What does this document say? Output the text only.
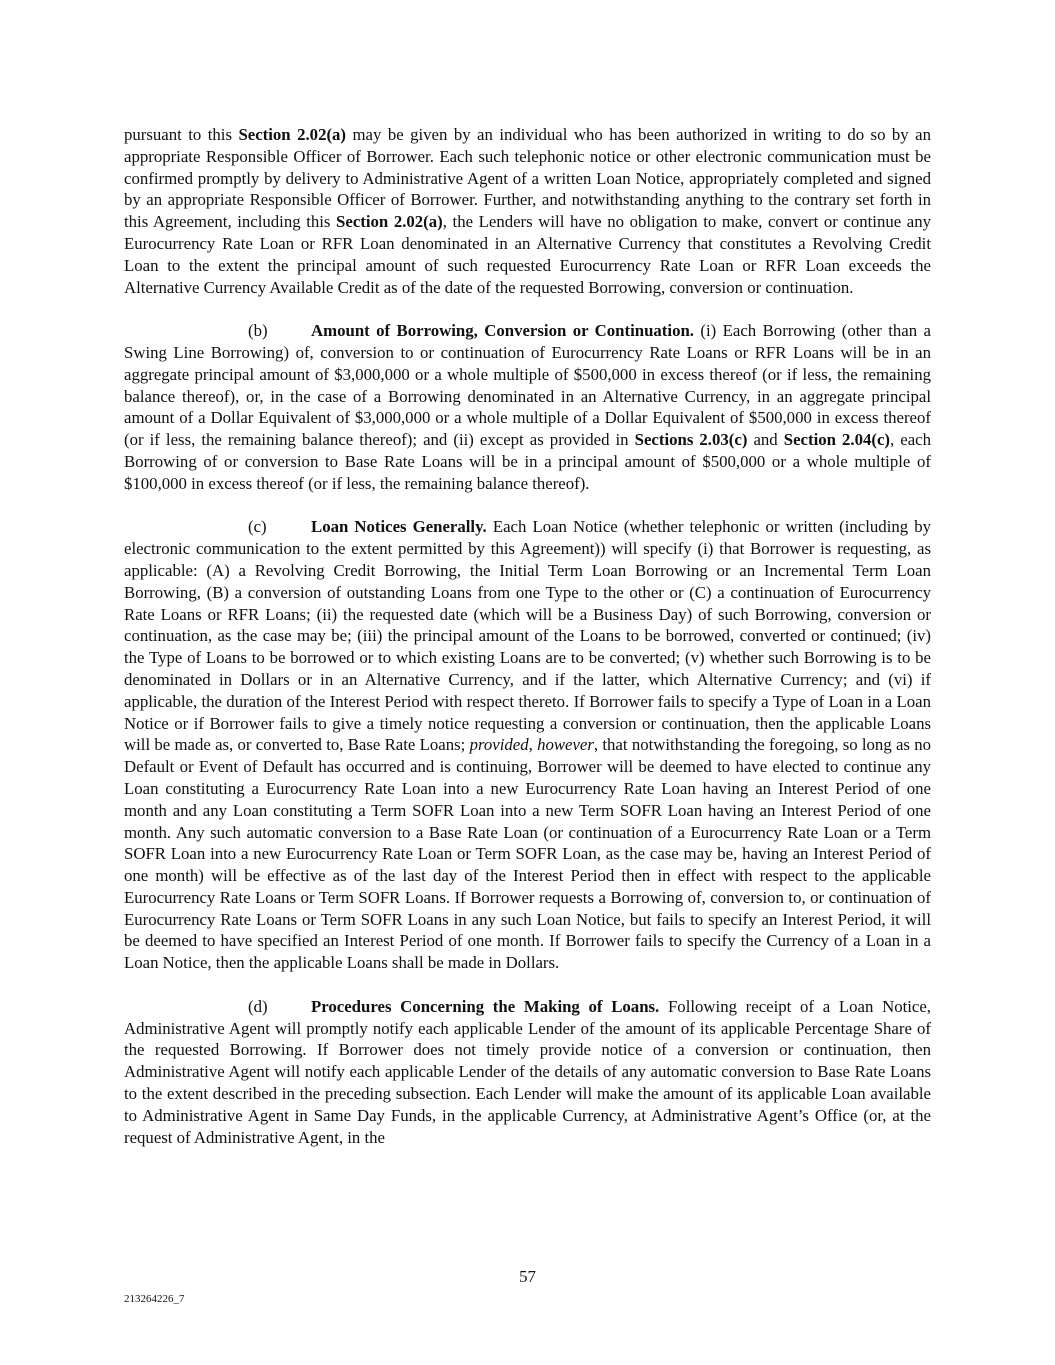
pursuant to this Section 2.02(a) may be given by an individual who has been authorized in writing to do so by an appropriate Responsible Officer of Borrower. Each such telephonic notice or other electronic communication must be confirmed promptly by delivery to Administrative Agent of a written Loan Notice, appropriately completed and signed by an appropriate Responsible Officer of Borrower. Further, and notwithstanding anything to the contrary set forth in this Agreement, including this Section 2.02(a), the Lenders will have no obligation to make, convert or continue any Eurocurrency Rate Loan or RFR Loan denominated in an Alternative Currency that constitutes a Revolving Credit Loan to the extent the principal amount of such requested Eurocurrency Rate Loan or RFR Loan exceeds the Alternative Currency Available Credit as of the date of the requested Borrowing, conversion or continuation.

(b)	Amount of Borrowing, Conversion or Continuation. (i) Each Borrowing (other than a Swing Line Borrowing) of, conversion to or continuation of Eurocurrency Rate Loans or RFR Loans will be in an aggregate principal amount of $3,000,000 or a whole multiple of $500,000 in excess thereof (or if less, the remaining balance thereof), or, in the case of a Borrowing denominated in an Alternative Currency, in an aggregate principal amount of a Dollar Equivalent of $3,000,000 or a whole multiple of a Dollar Equivalent of $500,000 in excess thereof (or if less, the remaining balance thereof); and (ii) except as provided in Sections 2.03(c) and Section 2.04(c), each Borrowing of or conversion to Base Rate Loans will be in a principal amount of $500,000 or a whole multiple of $100,000 in excess thereof (or if less, the remaining balance thereof).

(c)	Loan Notices Generally. Each Loan Notice (whether telephonic or written (including by electronic communication to the extent permitted by this Agreement)) will specify (i) that Borrower is requesting, as applicable: (A) a Revolving Credit Borrowing, the Initial Term Loan Borrowing or an Incremental Term Loan Borrowing, (B) a conversion of outstanding Loans from one Type to the other or (C) a continuation of Eurocurrency Rate Loans or RFR Loans; (ii) the requested date (which will be a Business Day) of such Borrowing, conversion or continuation, as the case may be; (iii) the principal amount of the Loans to be borrowed, converted or continued; (iv) the Type of Loans to be borrowed or to which existing Loans are to be converted; (v) whether such Borrowing is to be denominated in Dollars or in an Alternative Currency, and if the latter, which Alternative Currency; and (vi) if applicable, the duration of the Interest Period with respect thereto. If Borrower fails to specify a Type of Loan in a Loan Notice or if Borrower fails to give a timely notice requesting a conversion or continuation, then the applicable Loans will be made as, or converted to, Base Rate Loans; provided, however, that notwithstanding the foregoing, so long as no Default or Event of Default has occurred and is continuing, Borrower will be deemed to have elected to continue any Loan constituting a Eurocurrency Rate Loan into a new Eurocurrency Rate Loan having an Interest Period of one month and any Loan constituting a Term SOFR Loan into a new Term SOFR Loan having an Interest Period of one month. Any such automatic conversion to a Base Rate Loan (or continuation of a Eurocurrency Rate Loan or a Term SOFR Loan into a new Eurocurrency Rate Loan or Term SOFR Loan, as the case may be, having an Interest Period of one month) will be effective as of the last day of the Interest Period then in effect with respect to the applicable Eurocurrency Rate Loans or Term SOFR Loans. If Borrower requests a Borrowing of, conversion to, or continuation of Eurocurrency Rate Loans or Term SOFR Loans in any such Loan Notice, but fails to specify an Interest Period, it will be deemed to have specified an Interest Period of one month. If Borrower fails to specify the Currency of a Loan in a Loan Notice, then the applicable Loans shall be made in Dollars.

(d)	Procedures Concerning the Making of Loans. Following receipt of a Loan Notice, Administrative Agent will promptly notify each applicable Lender of the amount of its applicable Percentage Share of the requested Borrowing. If Borrower does not timely provide notice of a conversion or continuation, then Administrative Agent will notify each applicable Lender of the details of any automatic conversion to Base Rate Loans to the extent described in the preceding subsection. Each Lender will make the amount of its applicable Loan available to Administrative Agent in Same Day Funds, in the applicable Currency, at Administrative Agent’s Office (or, at the request of Administrative Agent, in the

57
213264226_7
